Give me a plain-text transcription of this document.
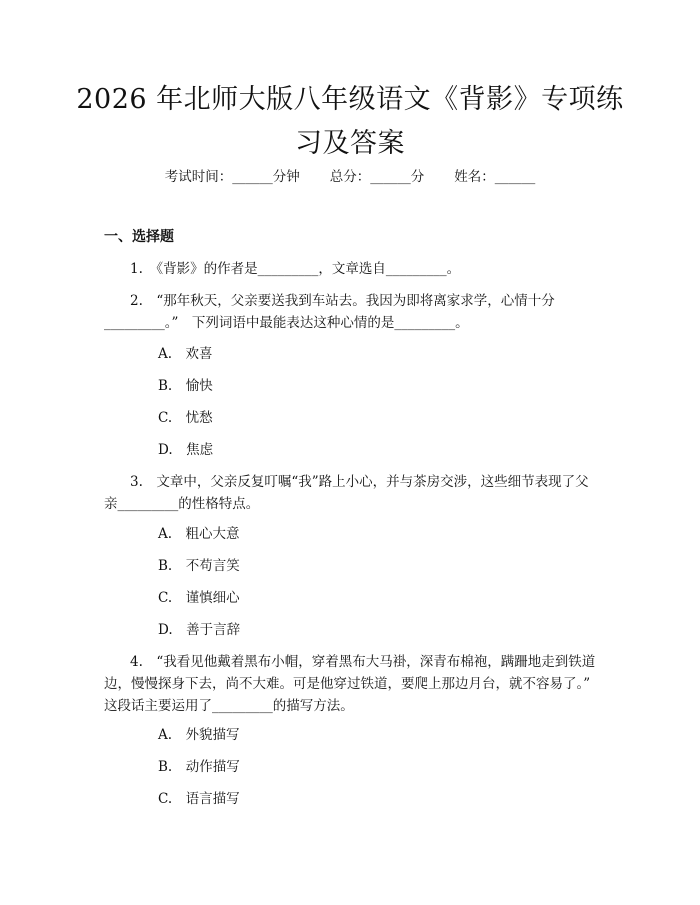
2026 年北师大版八年级语文《背影》专项练习及答案
考试时间：______分钟 总分：______分 姓名：______
一、选择题
1.　《背影》的作者是_________，文章选自_________。
2.　“那年秋天，父亲要送我到车站去。我因为即将离家求学，心情十分_________。”　下列词语中最能表达这种心情的是_________。
A.　欢喜
B.　愉快
C.　忧愁
D.　焦虑
3.　文章中，父亲反复叮嘱“我”路上小心，并与茶房交涉，这些细节表现了父亲_________的性格特点。
A.　粗心大意
B.　不苟言笑
C.　谨慎细心
D.　善于言辞
4.　“我看见他戴着黑布小帽，穿着黑布大马褂，深青布棉袍，蹒跚地走到铁道边，慢慢探身下去，尚不大难。可是他穿过铁道，要爬上那边月台，就不容易了。”　这段话主要运用了_________的描写方法。
A.　外貌描写
B.　动作描写
C.　语言描写
